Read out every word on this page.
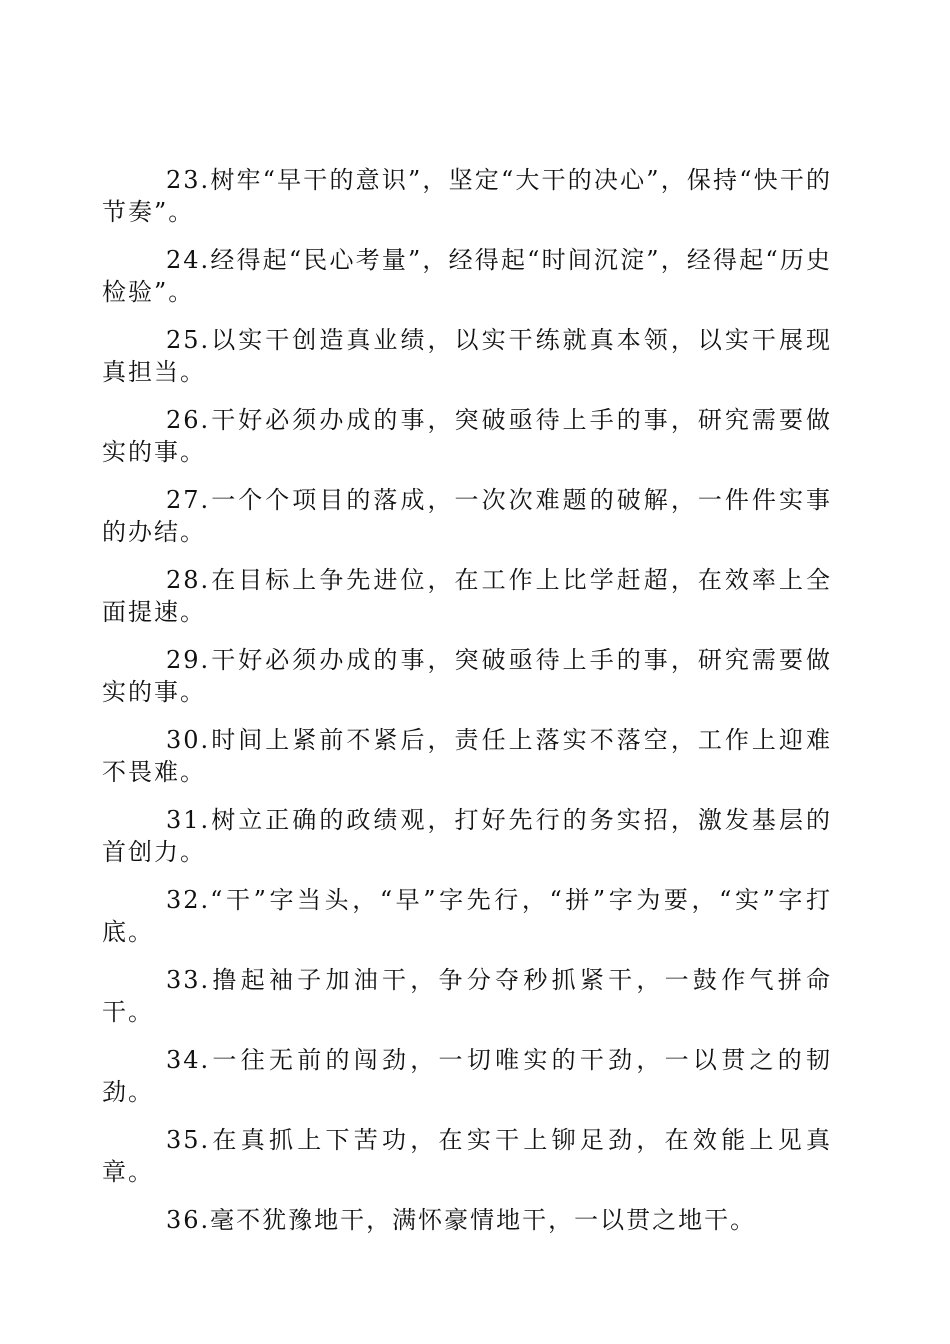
23.树牢“早干的意识”，坚定“大干的决心”，保持“快干的节奏”。

24.经得起“民心考量”，经得起“时间沉淀”，经得起“历史检验”。

25.以实干创造真业绩，以实干练就真本领，以实干展现真担当。

26.干好必须办成的事，突破亟待上手的事，研究需要做实的事。

27.一个个项目的落成，一次次难题的破解，一件件实事的办结。

28.在目标上争先进位，在工作上比学赶超，在效率上全面提速。

29.干好必须办成的事，突破亟待上手的事，研究需要做实的事。

30.时间上紧前不紧后，责任上落实不落空，工作上迎难不畏难。

31.树立正确的政绩观，打好先行的务实招，激发基层的首创力。

32.“干”字当头，“早”字先行，“拼”字为要，“实”字打底。

33.撸起袖子加油干，争分夺秒抓紧干，一鼓作气拼命干。

34.一往无前的闯劲，一切唯实的干劲，一以贯之的韧劲。

35.在真抓上下苦功，在实干上铆足劲，在效能上见真章。

36.毫不犹豫地干，满怀豪情地干，一以贯之地干。
